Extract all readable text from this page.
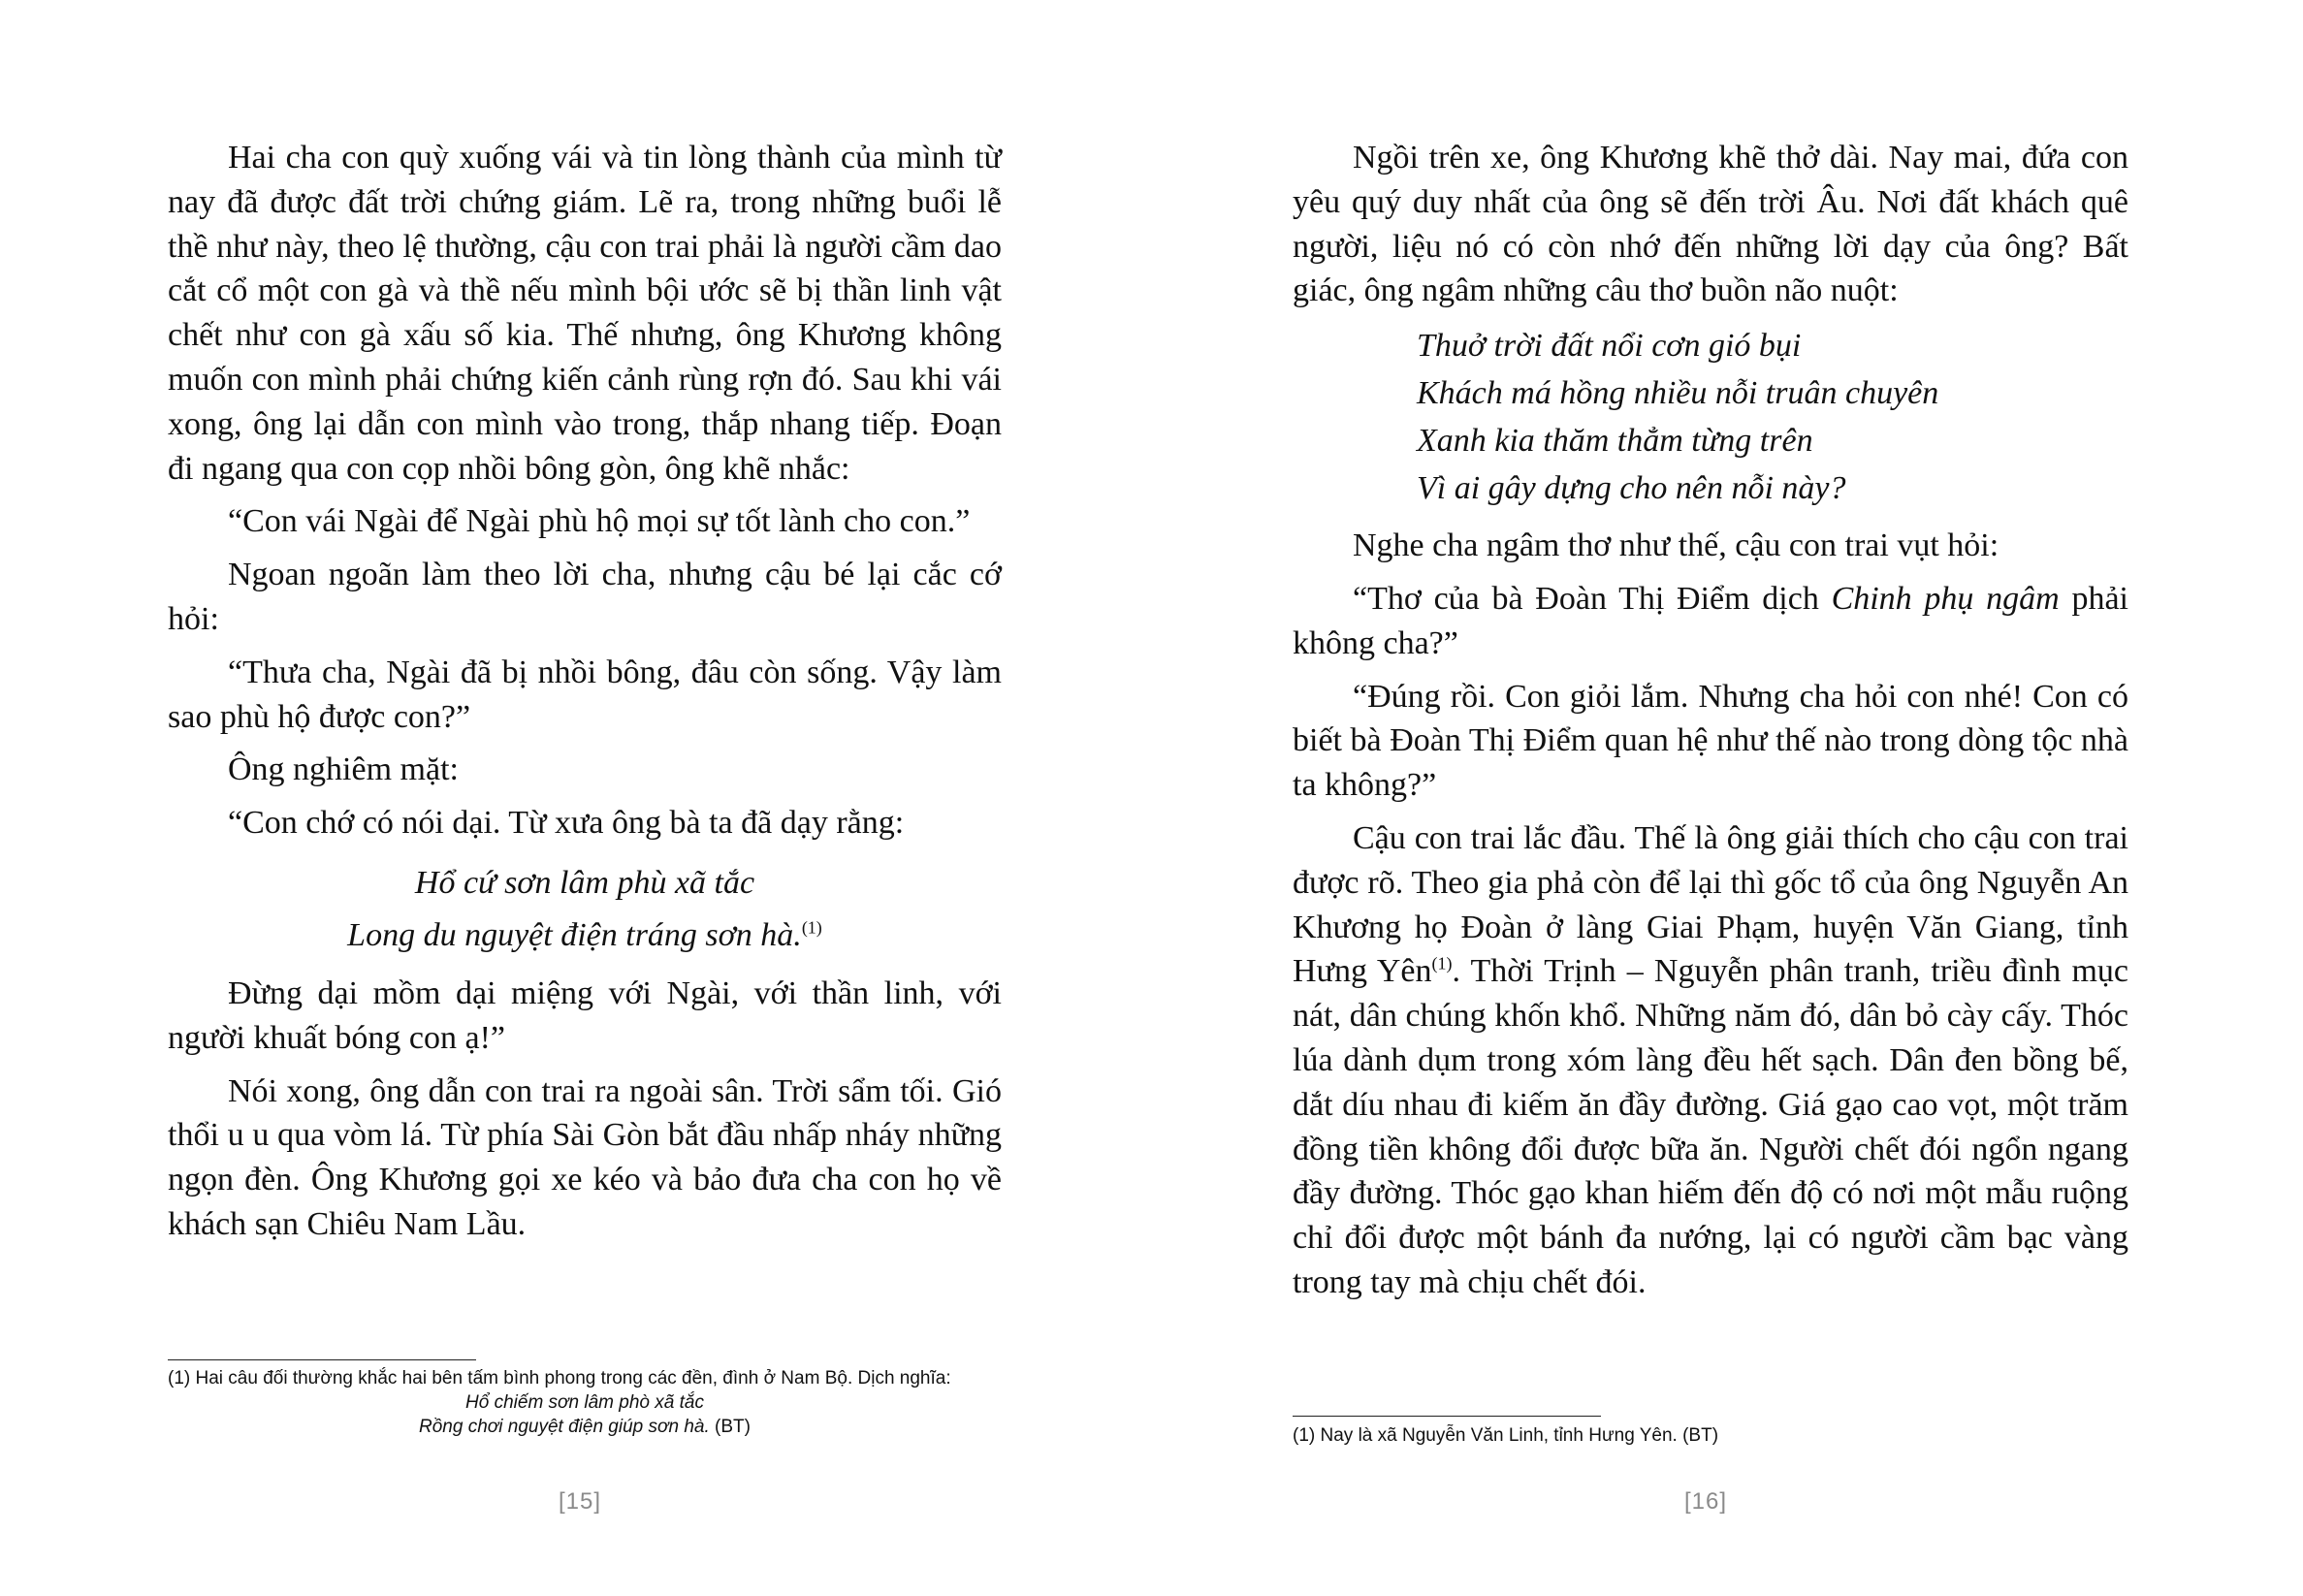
Hai cha con quỳ xuống vái và tin lòng thành của mình từ nay đã được đất trời chứng giám. Lẽ ra, trong những buổi lễ thề như này, theo lệ thường, cậu con trai phải là người cầm dao cắt cổ một con gà và thề nếu mình bội ước sẽ bị thần linh vật chết như con gà xấu số kia. Thế nhưng, ông Khương không muốn con mình phải chứng kiến cảnh rùng rợn đó. Sau khi vái xong, ông lại dẫn con mình vào trong, thắp nhang tiếp. Đoạn đi ngang qua con cọp nhồi bông gòn, ông khẽ nhắc:

“Con vái Ngài để Ngài phù hộ mọi sự tốt lành cho con.”

Ngoan ngoãn làm theo lời cha, nhưng cậu bé lại cắc cớ hỏi:

“Thưa cha, Ngài đã bị nhồi bông, đâu còn sống. Vậy làm sao phù hộ được con?”

Ông nghiêm mặt:

“Con chớ có nói dại. Từ xưa ông bà ta đã dạy rằng:

Hổ cứ sơn lâm phù xã tắc
Long du nguyệt điện tráng sơn hà.$^{(1)}$

Đừng dại mồm dại miệng với Ngài, với thần linh, với người khuất bóng con ạ!”

Nói xong, ông dẫn con trai ra ngoài sân. Trời sẩm tối. Gió thổi u u qua vòm lá. Từ phía Sài Gòn bắt đầu nhấp nháy những ngọn đèn. Ông Khương gọi xe kéo và bảo đưa cha con họ về khách sạn Chiêu Nam Lầu.

(1) Hai câu đối thường khắc hai bên tấm bình phong trong các đền, đình ở Nam Bộ. Dịch nghĩa:
Hổ chiếm sơn lâm phò xã tắc
Rồng chơi nguyệt điện giúp sơn hà. (BT)
[15]

Ngồi trên xe, ông Khương khẽ thở dài. Nay mai, đứa con yêu quý duy nhất của ông sẽ đến trời Âu. Nơi đất khách quê người, liệu nó có còn nhớ đến những lời dạy của ông? Bất giác, ông ngâm những câu thơ buồn não nuột:

Thuở trời đất nổi cơn gió bụi
Khách má hồng nhiều nỗi truân chuyên
Xanh kia thăm thẳm từng trên
Vì ai gây dựng cho nên nỗi này?

Nghe cha ngâm thơ như thế, cậu con trai vụt hỏi:

“Thơ của bà Đoàn Thị Điểm dịch Chinh phụ ngâm phải không cha?”

“Đúng rồi. Con giỏi lắm. Nhưng cha hỏi con nhé! Con có biết bà Đoàn Thị Điểm quan hệ như thế nào trong dòng tộc nhà ta không?”

Cậu con trai lắc đầu. Thế là ông giải thích cho cậu con trai được rõ. Theo gia phả còn để lại thì gốc tổ của ông Nguyễn An Khương họ Đoàn ở làng Giai Phạm, huyện Văn Giang, tỉnh Hưng Yên$^{(1)}$. Thời Trịnh – Nguyễn phân tranh, triều đình mục nát, dân chúng khốn khổ. Những năm đó, dân bỏ cày cấy. Thóc lúa dành dụm trong xóm làng đều hết sạch. Dân đen bồng bế, dắt díu nhau đi kiếm ăn đầy đường. Giá gạo cao vọt, một trăm đồng tiền không đổi được bữa ăn. Người chết đói ngổn ngang đầy đường. Thóc gạo khan hiếm đến độ có nơi một mẫu ruộng chỉ đổi được một bánh đa nướng, lại có người cầm bạc vàng trong tay mà chịu chết đói.

(1) Nay là xã Nguyễn Văn Linh, tỉnh Hưng Yên. (BT)
[16]
